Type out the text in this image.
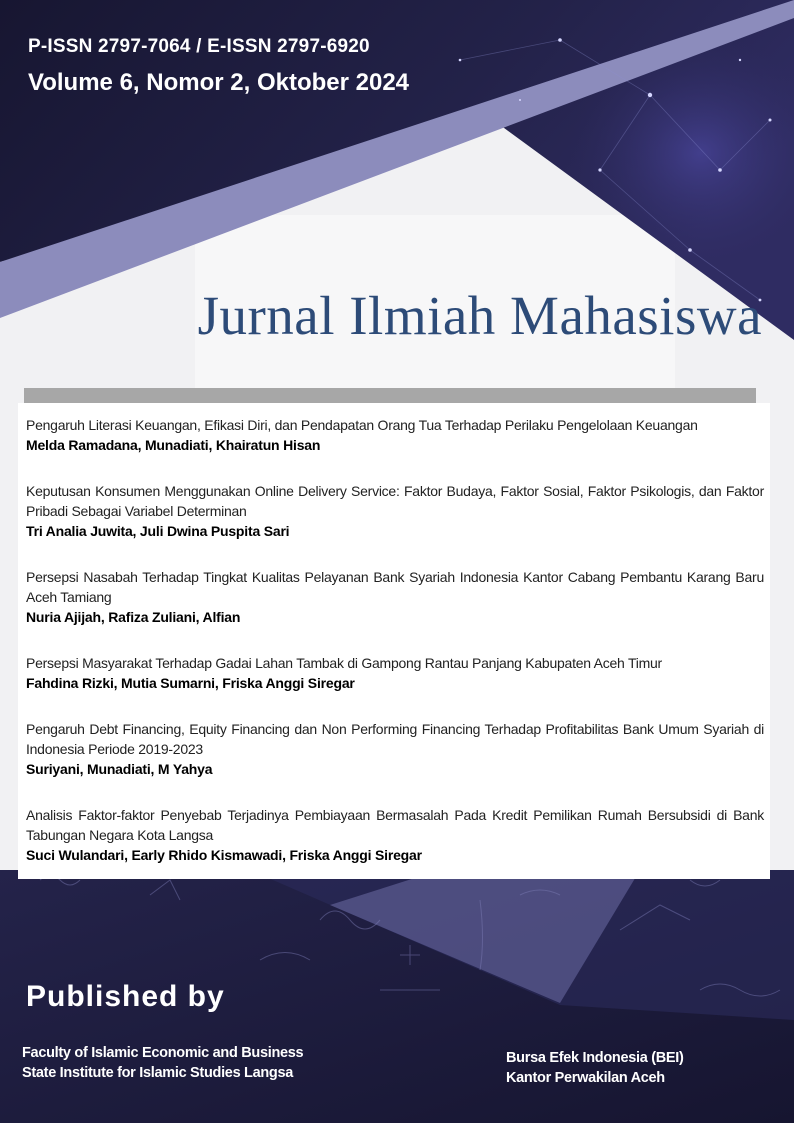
P-ISSN 2797-7064 / E-ISSN 2797-6920
Volume 6, Nomor 2, Oktober 2024
Jurnal Ilmiah Mahasiswa
Pengaruh Literasi Keuangan, Efikasi Diri, dan Pendapatan Orang Tua Terhadap Perilaku Pengelolaan Keuangan
Melda Ramadana, Munadiati, Khairatun Hisan
Keputusan Konsumen Menggunakan Online Delivery Service: Faktor Budaya, Faktor Sosial, Faktor Psikologis, dan Faktor Pribadi Sebagai Variabel Determinan
Tri Analia Juwita, Juli Dwina Puspita Sari
Persepsi Nasabah Terhadap Tingkat Kualitas Pelayanan Bank Syariah Indonesia Kantor Cabang Pembantu Karang Baru Aceh Tamiang
Nuria Ajijah, Rafiza Zuliani, Alfian
Persepsi Masyarakat Terhadap Gadai Lahan Tambak di Gampong Rantau Panjang Kabupaten Aceh Timur
Fahdina Rizki, Mutia Sumarni, Friska Anggi Siregar
Pengaruh Debt Financing, Equity Financing dan Non Performing Financing Terhadap Profitabilitas Bank Umum Syariah di Indonesia Periode 2019-2023
Suriyani, Munadiati, M Yahya
Analisis Faktor-faktor Penyebab Terjadinya Pembiayaan Bermasalah Pada Kredit Pemilikan Rumah Bersubsidi di Bank Tabungan Negara Kota Langsa
Suci Wulandari, Early Rhido Kismawadi, Friska Anggi Siregar
Published by
Faculty of Islamic Economic and Business
State Institute for Islamic Studies Langsa
Bursa Efek Indonesia (BEI)
Kantor Perwakilan Aceh
